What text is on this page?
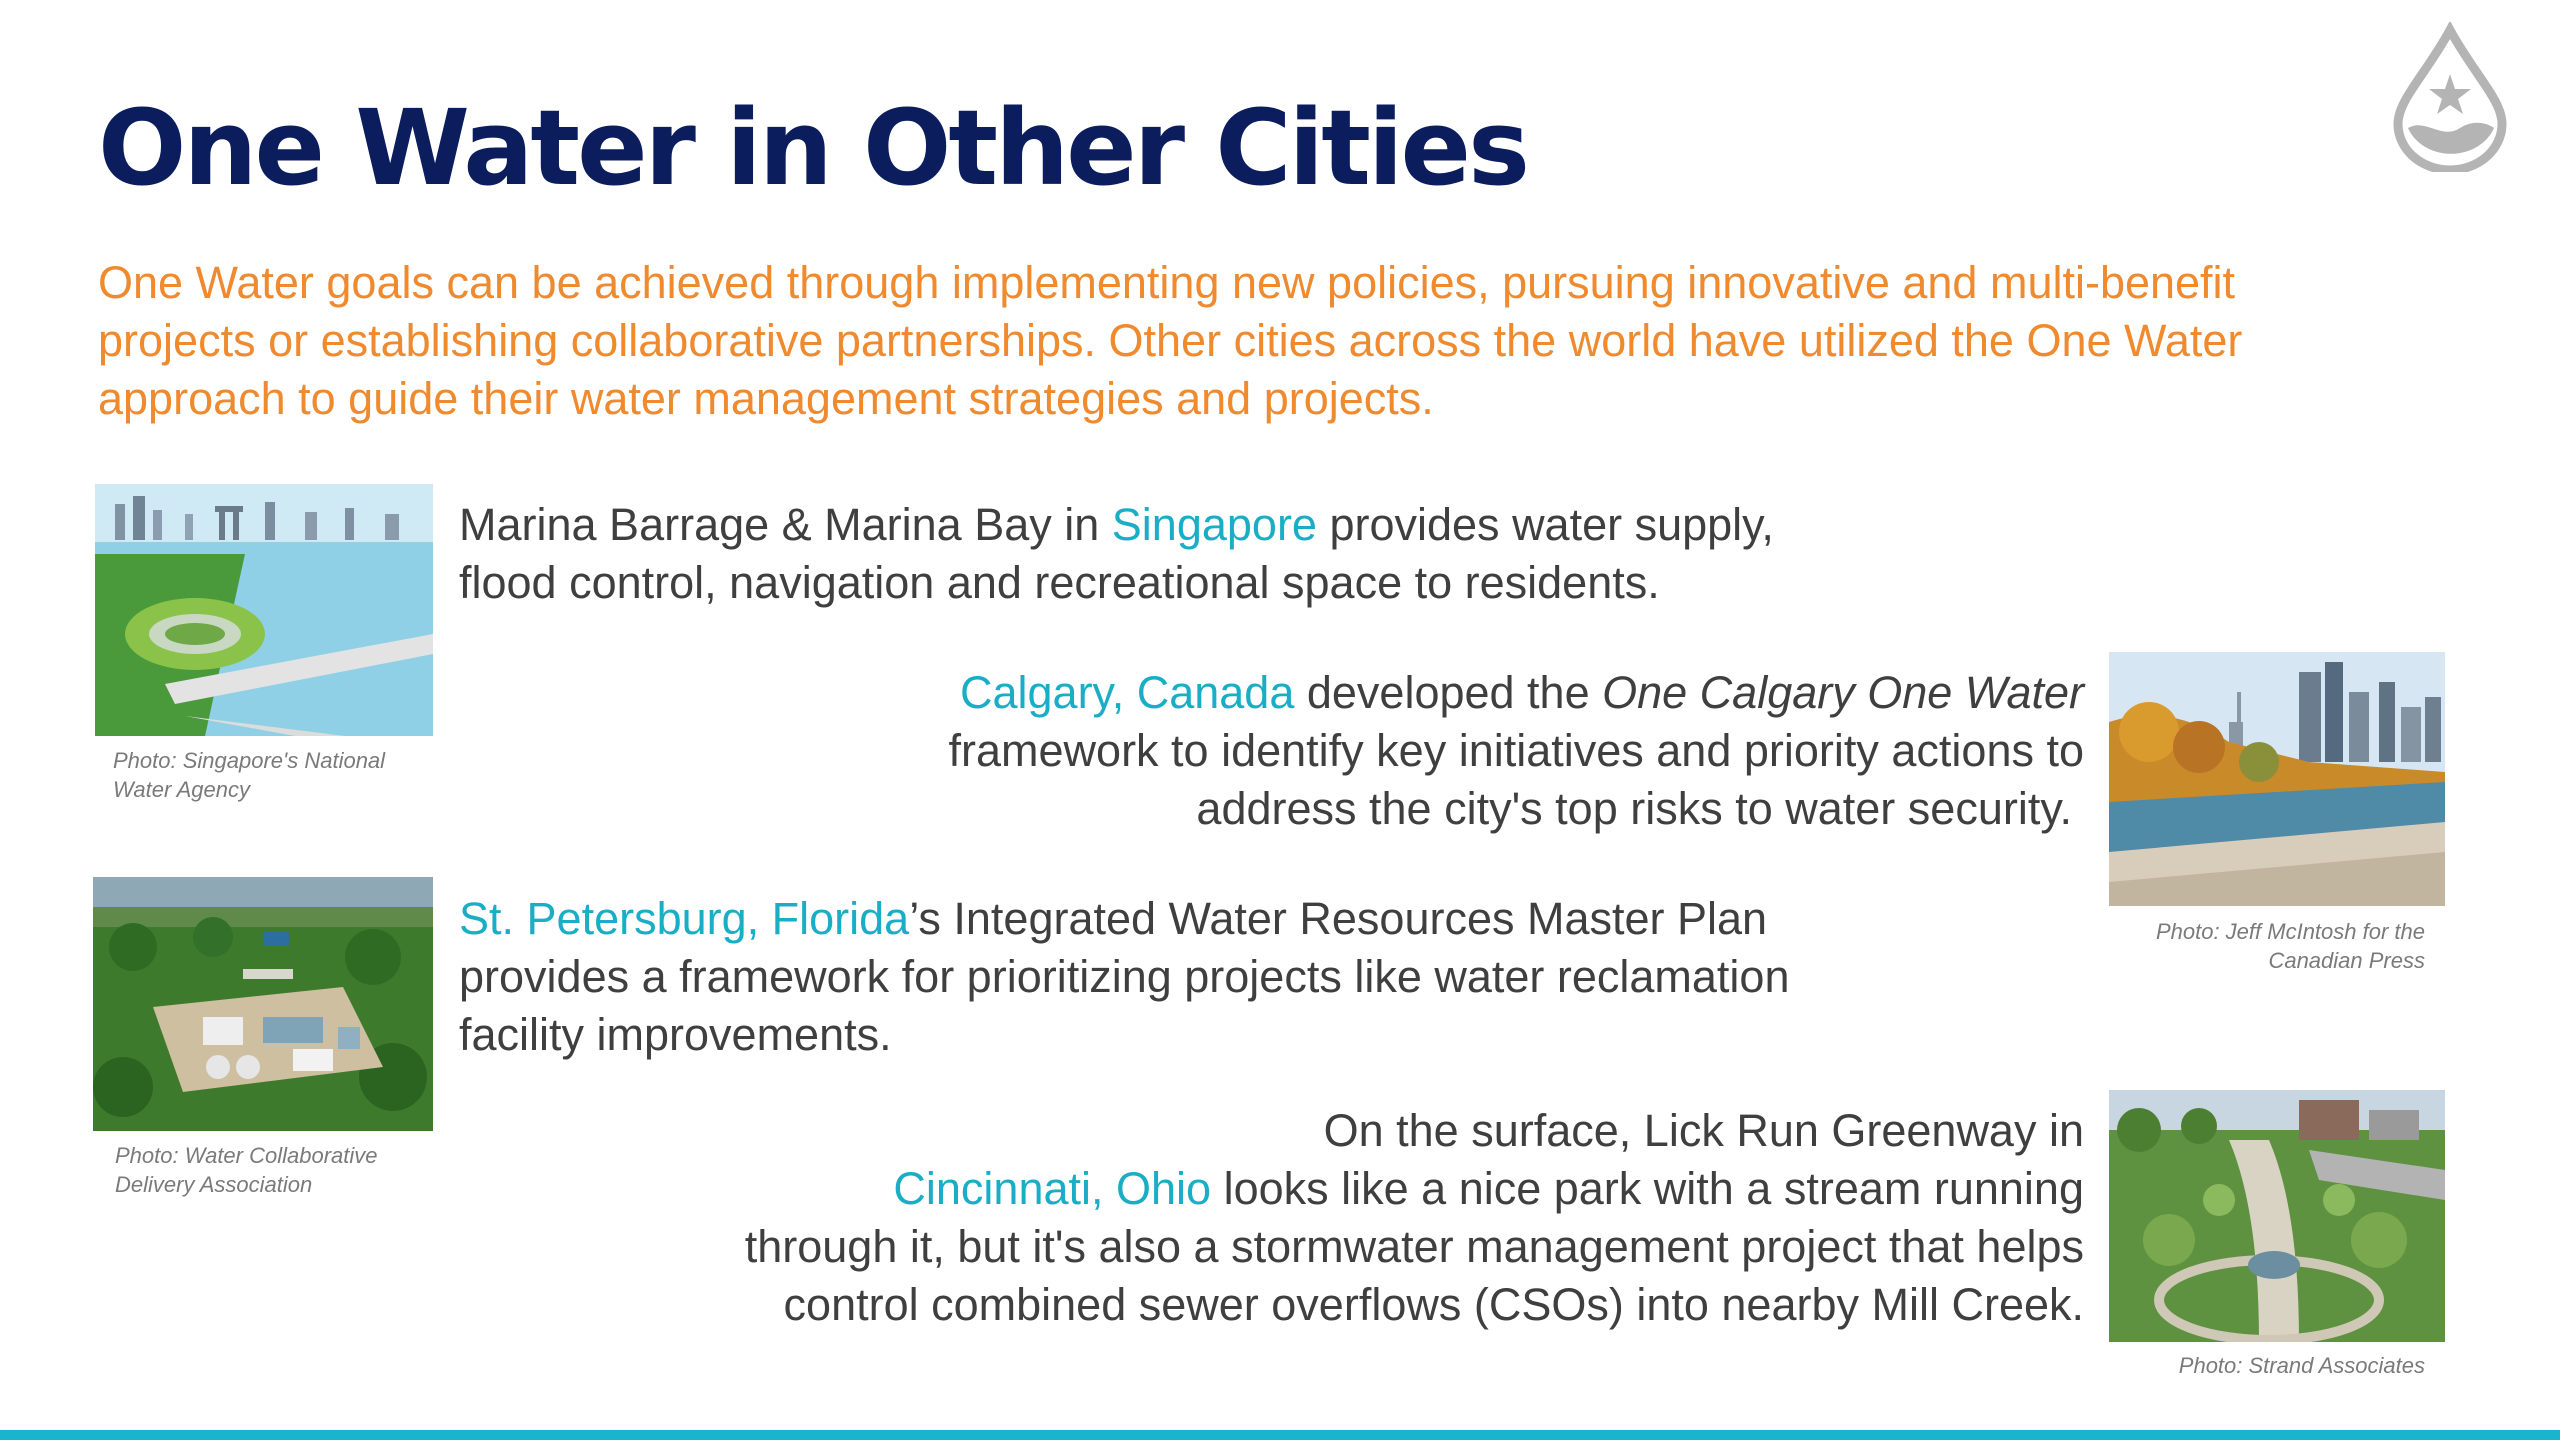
One Water in Other Cities
One Water goals can be achieved through implementing new policies, pursuing innovative and multi-benefit
projects or establishing collaborative partnerships. Other cities across the world have utilized the One Water
approach to guide their water management strategies and projects.
Photo: Singapore's National
Water Agency
Marina Barrage & Marina Bay in Singapore provides water supply,
flood control, navigation and recreational space to residents.
Calgary, Canada developed the One Calgary One Water
framework to identify key initiatives and priority actions to
address the city's top risks to water security.
Photo: Jeff McIntosh for the
Canadian Press
Photo: Water Collaborative
Delivery Association
St. Petersburg, Florida’s Integrated Water Resources Master Plan
provides a framework for prioritizing projects like water reclamation
facility improvements.
On the surface, Lick Run Greenway in
Cincinnati, Ohio looks like a nice park with a stream running
through it, but it's also a stormwater management project that helps
control combined sewer overflows (CSOs) into nearby Mill Creek.
Photo: Strand Associates
